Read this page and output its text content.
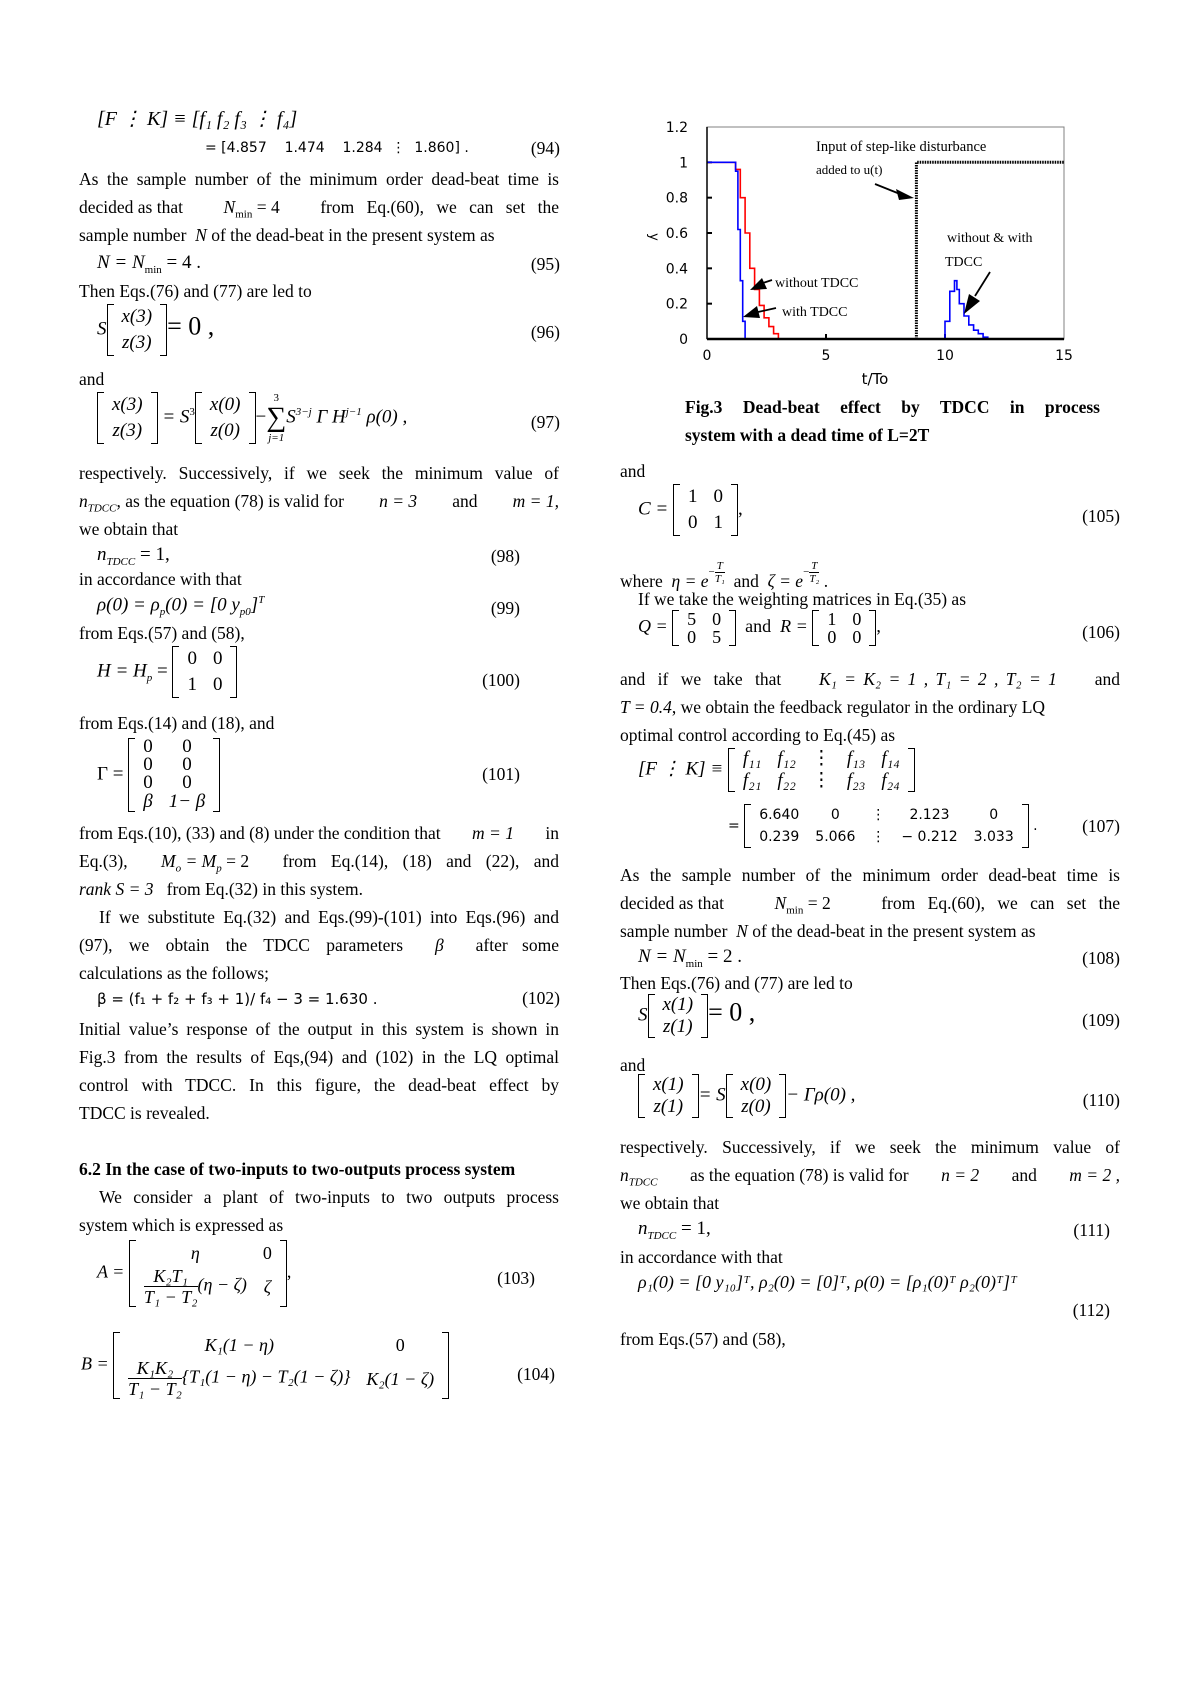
[F ⋮ K] ≡ [f₁ f₂ f₃ ⋮ f₄]
= [4.857 1.474 1.284  ⋮  1.860] .	(94)
As the sample number of the minimum order dead-beat time is
decided as that $N_{min} = 4$ from Eq.(60), we can set the
sample number N of the dead-beat in the present system as
$N = N_{min} = 4$ .	(95)
Then Eqs.(76) and (77) are led to
S
x(3)
z(3)
= 0 ,	(96)
and
x(3)
z(3)
= $S^3$ x(0)
z(0)
−
3
∑
j=1
$S^{3-j}$ Γ $H^{j-1}$ ρ(0) ,	(97)
respectively. Successively, if we seek the minimum value of
$n_{TDCC}$, as the equation (78) is valid for n = 3 and m = 1,
we obtain that
$n_{TDCC} = 1$,	(98)
in accordance with that
$\rho(0) = \rho_p(0) = [0$ $y_{p0}]^T$	(99)
from Eqs.(57) and (58),
$H = H_p$ =
0	0
1	0	(100)
from Eqs.(14) and (18), and
Γ =
0	0
0	0
0	0
β	1− β
(101)
from Eqs.(10), (33) and (8) under the condition that m = 1 in
Eq.(3), $M_o = M_p = 2$ from Eq.(14), (18) and (22), and
rank S = 3 from Eq.(32) in this system.
If we substitute Eq.(32) and Eqs.(99)-(101) into Eqs.(96) and
(97), we obtain the TDCC parameters β after some
calculations as the follows;
β = (f₁ + f₂ + f₃ + 1)/ f₄ − 3 = 1.630 .	(102)
Initial value’s response of the output in this system is shown in
Fig.3 from the results of Eqs,(94) and (102) in the LQ optimal
control with TDCC. In this figure, the dead-beat effect by
TDCC is revealed.
6.2 In the case of two-inputs to two-outputs process system
We consider a plant of two-inputs to two outputs process
system which is expressed as
A =
η	0

$\frac{\text{K₂T₁}}{\text{T₁ − T₂}} (\eta - \zeta)$	ζ
,	(103)
B =
K₁(1 − η)	0

$\frac{\text{K₁K₂}}{\text{T₁ − T₂}} \{T_1(1 - \eta) - T_2(1 - \zeta)\}$	K₂(1 − ζ)	(104)
0
0.2
0.4
0.6
0.8
1
1.2
0	5	10	15
y
t/To
Input of step-like disturbance
added to u(t)
without TDCC
with TDCC
without & with
TDCC
Fig.3 Dead-beat effect by TDCC in process
system with a dead time of L=2T
and
C =
1	0
0	1
,	(105)
where $\eta = e^{- \frac{T}{\text{T₁}}}$ and $\zeta = e^{- \frac{T}{\text{T₂}}}$ .
If we take the weighting matrices in Eq.(35) as
Q = 5	0
0	5
and R = 1	0
0	0
,	(106)
and if we take that K₁ = K₂ = 1 , T₁ = 2 , T₂ = 1 and
T = 0.4, we obtain the feedback regulator in the ordinary LQ
optimal control according to Eq.(45) as
[F ⋮ K] ≡ f₁₁	f₁₂	⋮	f₁₃	f₁₄
f₂₁	f₂₂	⋮	f₂₃	f₂₄
=
6.640	0	⋮	2.123	0
0.239	5.066	⋮	− 0.212	3.033
.	(107)
As the sample number of the minimum order dead-beat time is
decided as that	$N_{min} = 2$	from Eq.(60), we can set the
sample number N of the dead-beat in the present system as
$N = N_{min} = 2$ .	(108)
Then Eqs.(76) and (77) are led to
S x(1)
z(1)
= 0 ,	(109)
and
x(1)
z(1)
= S x(0)
z(0)
− Γρ(0) ,	(110)
respectively. Successively, if we seek the minimum value of
$n_{TDCC}$ as the equation (78) is valid for n = 2 and m = 2 ,
we obtain that
$n_{TDCC} = 1$,	(111)
in accordance with that
ρ₁(0) = [0 y₁₀]ᵀ, ρ₂(0) = [0]ᵀ, ρ(0) = [ρ₁(0)ᵀ ρ₂(0)ᵀ]ᵀ
(112)
from Eqs.(57) and (58),
